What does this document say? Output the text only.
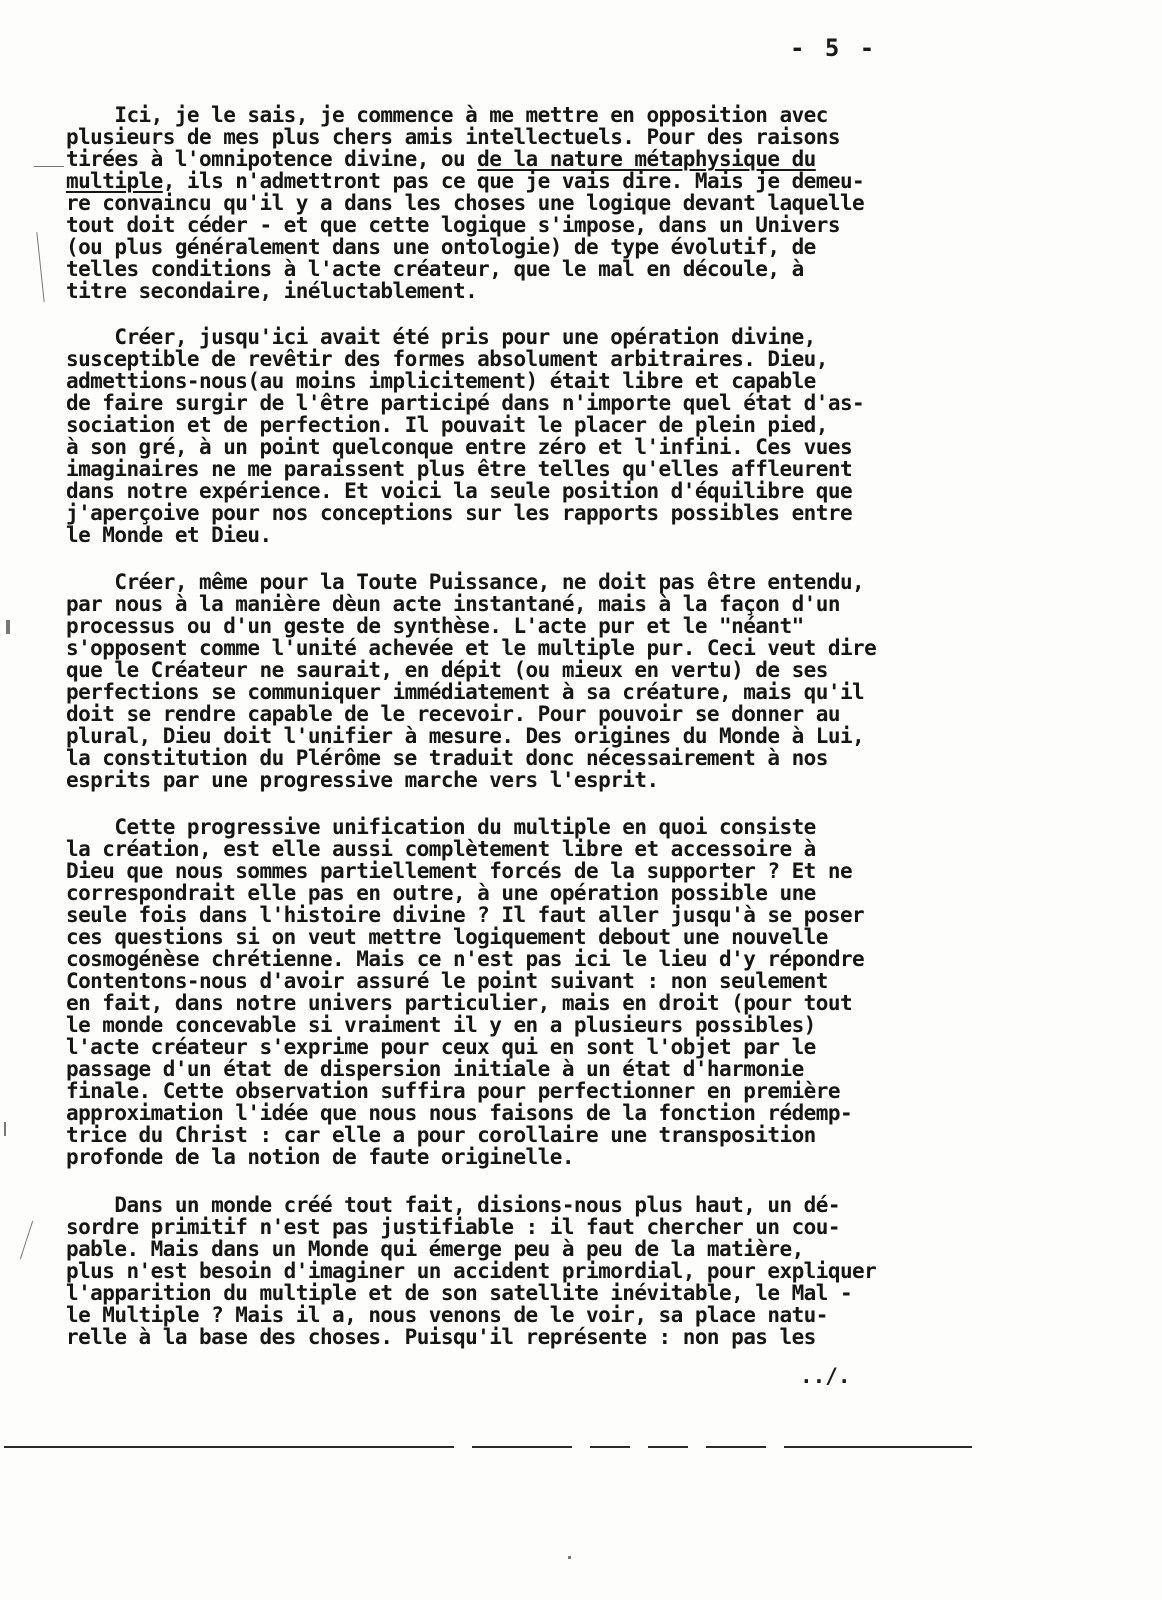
- 5 -
Ici, je le sais, je commence à me mettre en opposition avec
plusieurs de mes plus chers amis intellectuels. Pour des raisons
tirées à l'omnipotence divine, ou de la nature métaphysique du
multiple, ils n'admettront pas ce que je vais dire. Mais je demeu-
re convaincu qu'il y a dans les choses une logique devant laquelle
tout doit céder - et que cette logique s'impose, dans un Univers
(ou plus généralement dans une ontologie) de type évolutif, de
telles conditions à l'acte créateur, que le mal en découle, à
titre secondaire, inéluctablement.
Créer, jusqu'ici avait été pris pour une opération divine,
susceptible de revêtir des formes absolument arbitraires. Dieu,
admettions-nous(au moins implicitement) était libre et capable
de faire surgir de l'être participé dans n'importe quel état d'as-
sociation et de perfection. Il pouvait le placer de plein pied,
à son gré, à un point quelconque entre zéro et l'infini. Ces vues
imaginaires ne me paraissent plus être telles qu'elles affleurent
dans notre expérience. Et voici la seule position d'équilibre que
j'aperçoive pour nos conceptions sur les rapports possibles entre
le Monde et Dieu.
Créer, même pour la Toute Puissance, ne doit pas être entendu,
par nous à la manière dèun acte instantané, mais à la façon d'un
processus ou d'un geste de synthèse. L'acte pur et le "néant"
s'opposent comme l'unité achevée et le multiple pur. Ceci veut dire
que le Créateur ne saurait, en dépit (ou mieux en vertu) de ses
perfections se communiquer immédiatement à sa créature, mais qu'il
doit se rendre capable de le recevoir. Pour pouvoir se donner au
plural, Dieu doit l'unifier à mesure. Des origines du Monde à Lui,
la constitution du Plérôme se traduit donc nécessairement à nos
esprits par une progressive marche vers l'esprit.
Cette progressive unification du multiple en quoi consiste
la création, est elle aussi complètement libre et accessoire à
Dieu que nous sommes partiellement forcés de la supporter ? Et ne
correspondrait elle pas en outre, à une opération possible une
seule fois dans l'histoire divine ? Il faut aller jusqu'à se poser
ces questions si on veut mettre logiquement debout une nouvelle
cosmogénèse chrétienne. Mais ce n'est pas ici le lieu d'y répondre
Contentons-nous d'avoir assuré le point suivant : non seulement
en fait, dans notre univers particulier, mais en droit (pour tout
le monde concevable si vraiment il y en a plusieurs possibles)
l'acte créateur s'exprime pour ceux qui en sont l'objet par le
passage d'un état de dispersion initiale à un état d'harmonie
finale. Cette observation suffira pour perfectionner en première
approximation l'idée que nous nous faisons de la fonction rédemp-
trice du Christ : car elle a pour corollaire une transposition
profonde de la notion de faute originelle.
Dans un monde créé tout fait, disions-nous plus haut, un dé-
sordre primitif n'est pas justifiable : il faut chercher un cou-
pable. Mais dans un Monde qui émerge peu à peu de la matière,
plus n'est besoin d'imaginer un accident primordial, pour expliquer
l'apparition du multiple et de son satellite inévitable, le Mal -
le Multiple ? Mais il a, nous venons de le voir, sa place natu-
relle à la base des choses. Puisqu'il représente : non pas les
../.
